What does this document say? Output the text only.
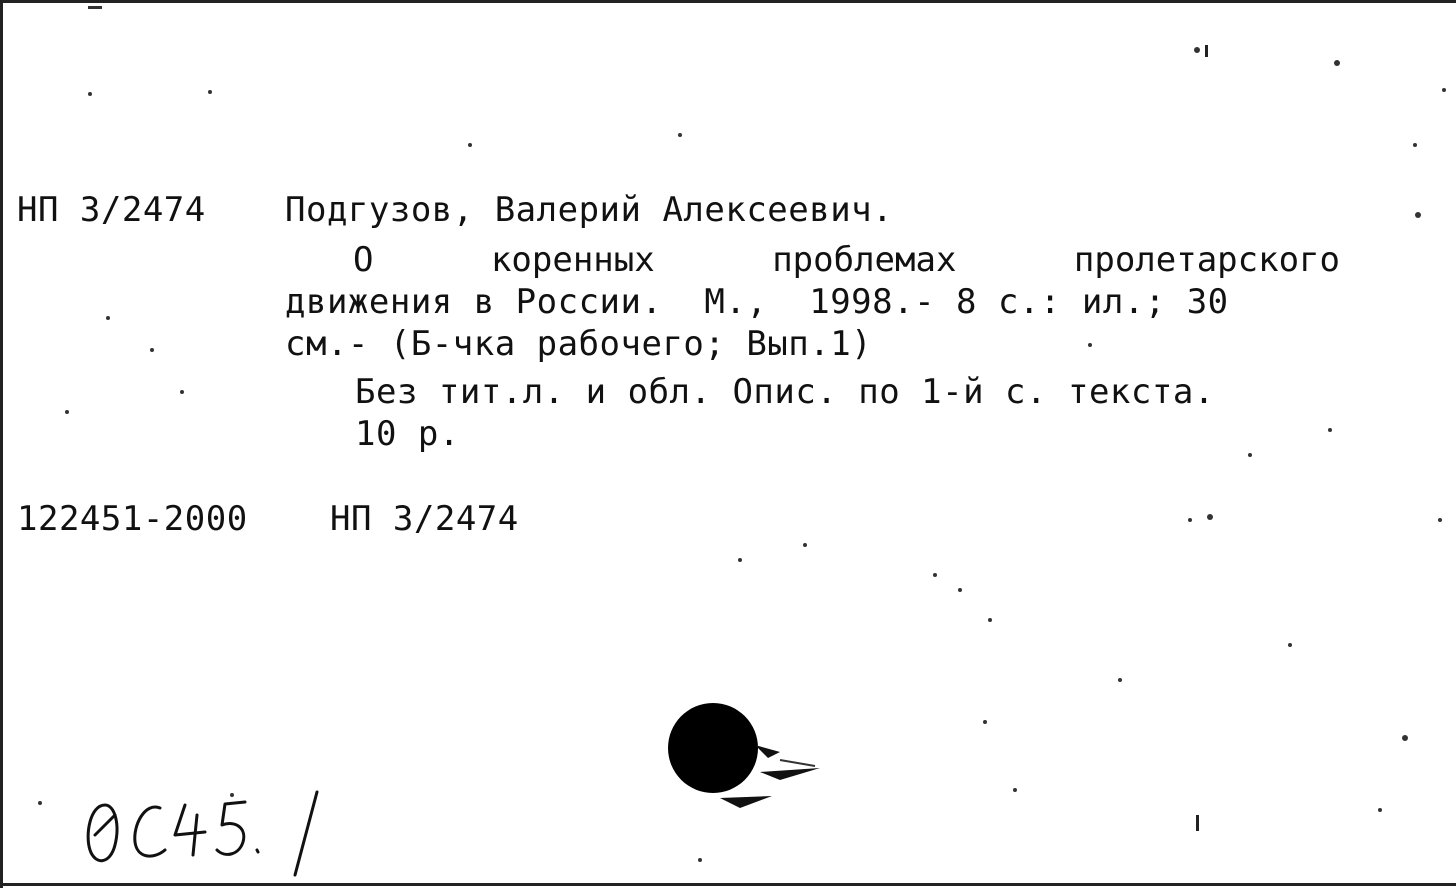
НП 3/2474 Подгузов, Валерий Алексеевич.
О	коренных	проблемах	пролетарского
движения в России.  М.,  1998.- 8 с.: ил.; 30
см.- (Б-чка рабочего; Вып.1)
Без тит.л. и обл. Опис. по 1-й с. текста.
10 р.
122451-2000 НП 3/2474
